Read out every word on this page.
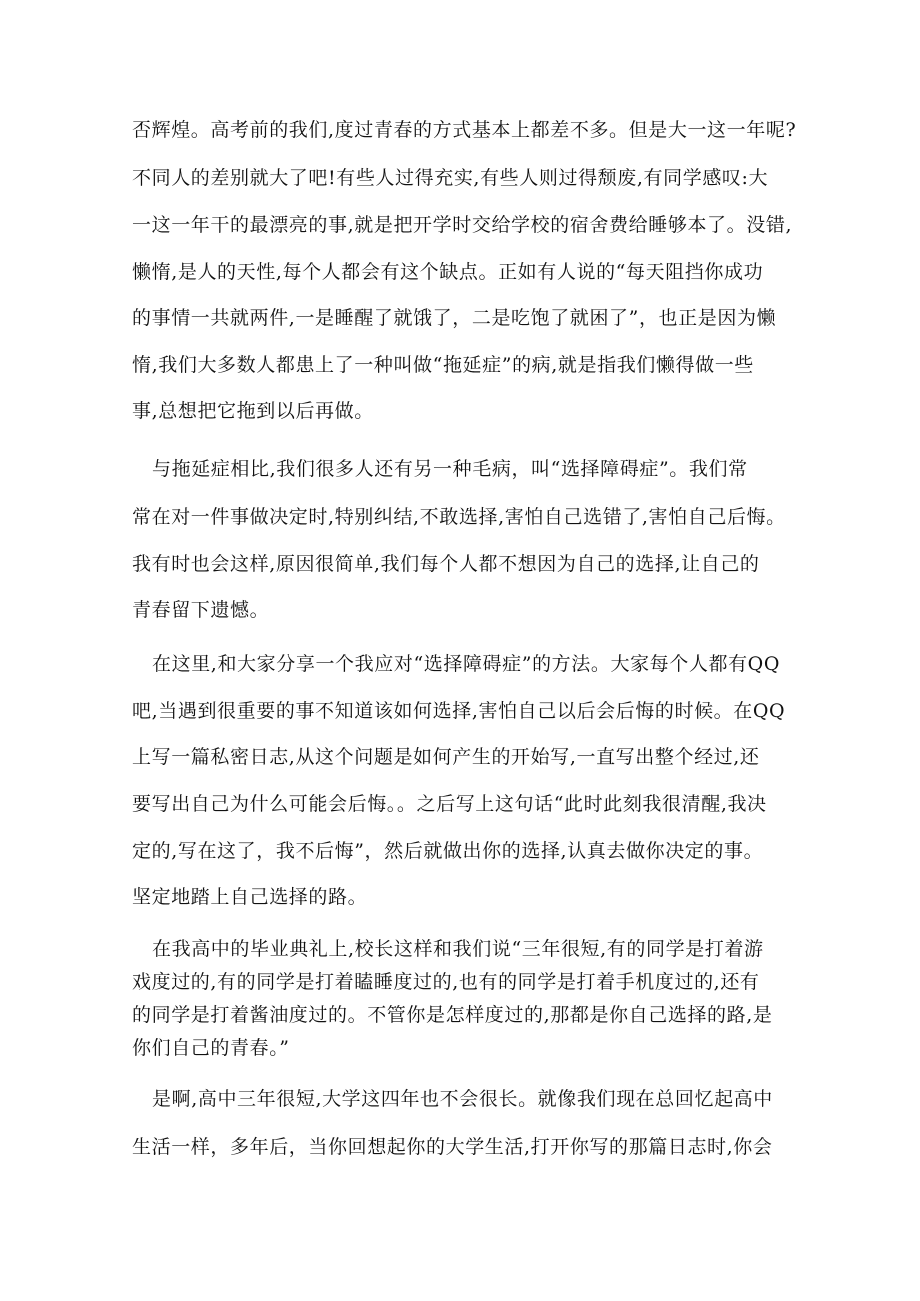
否辉煌。高考前的我们,度过青春的方式基本上都差不多。但是大一这一年呢?
不同人的差别就大了吧!有些人过得充实,有些人则过得颓废,有同学感叹:大
一这一年干的最漂亮的事,就是把开学时交给学校的宿舍费给睡够本了。没错,
懒惰,是人的天性,每个人都会有这个缺点。正如有人说的“每天阻挡你成功
的事情一共就两件,一是睡醒了就饿了，二是吃饱了就困了”，也正是因为懒
惰,我们大多数人都患上了一种叫做“拖延症”的病,就是指我们懒得做一些
事,总想把它拖到以后再做。
与拖延症相比,我们很多人还有另一种毛病，叫“选择障碍症”。我们常
常在对一件事做决定时,特别纠结,不敢选择,害怕自己选错了,害怕自己后悔。
我有时也会这样,原因很简单,我们每个人都不想因为自己的选择,让自己的
青春留下遗憾。
在这里,和大家分享一个我应对“选择障碍症”的方法。大家每个人都有QQ
吧,当遇到很重要的事不知道该如何选择,害怕自己以后会后悔的时候。在QQ
上写一篇私密日志,从这个问题是如何产生的开始写,一直写出整个经过,还
要写出自己为什么可能会后悔。。之后写上这句话“此时此刻我很清醒,我决
定的,写在这了，我不后悔”，然后就做出你的选择,认真去做你决定的事。
坚定地踏上自己选择的路。
在我高中的毕业典礼上,校长这样和我们说“三年很短,有的同学是打着游
戏度过的,有的同学是打着瞌睡度过的,也有的同学是打着手机度过的,还有
的同学是打着酱油度过的。不管你是怎样度过的,那都是你自己选择的路,是
你们自己的青春。”
是啊,高中三年很短,大学这四年也不会很长。就像我们现在总回忆起高中
生活一样，多年后，当你回想起你的大学生活,打开你写的那篇日志时,你会
